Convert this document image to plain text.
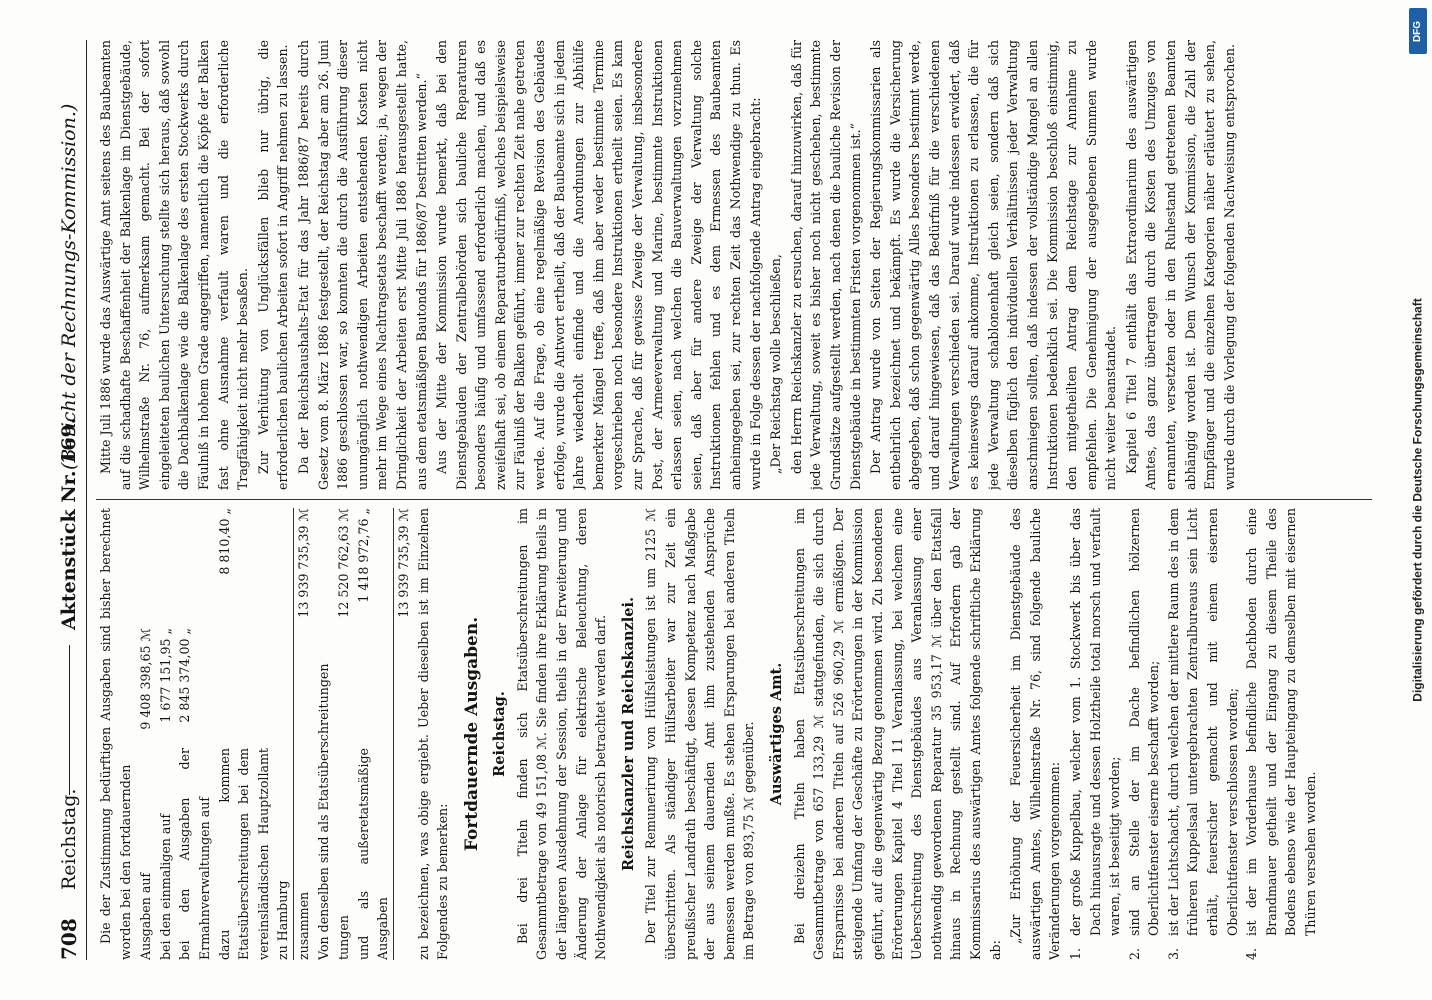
708
Reichstag.
Aktenstück Nr. 169.
(Bericht der Rechnungs-Kommission.)

Die der Zustimmung bedürftigen Ausgaben sind bisher berechnet worden bei den fortdauernden Ausgaben auf
9 408 398,65 ℳ
bei den einmaligen auf
1 677 151,95 „
bei den Ausgaben der Ermahnverwaltungen auf
2 845 374,00 „
dazu kommen Etatsüberschreitungen bei dem vereinsländischen Hauptzollamt zu Hamburg
8 810,40 „
zusammen
13 939 735,39 ℳ

Von denselben sind als Etatsüberschreitungen tungen
12 520 762,63 ℳ
und als außeretatsmäßige Ausgaben
1 418 972,76 „ 13 939 735,39 ℳ zu bezeichnen, was obige ergiebt. Ueber dieselben ist im Einzelnen Folgendes zu bemerken:

Fortdauernde Ausgaben. Reichstag. Bei drei Titeln finden sich Etatsüberschreitungen im Gesammtbetrage von 49 151,08 ℳ. Sie finden ihre Erklärung theils in der längeren Ausdehnung der Session, theils in der Erweiterung und Änderung der Anlage für elektrische Beleuchtung, deren Nothwendigkeit als notorisch betrachtet werden darf. Reichskanzler und Reichskanzlei. Der Titel zur Remunerirung von Hülfsleistungen ist um 2125 ℳ überschritten. Als ständiger Hülfsarbeiter war zur Zeit ein preußischer Landrath beschäftigt, dessen Kompetenz nach Maßgabe der aus seinem dauernden Amt ihm zustehenden Ansprüche bemessen werden mußte. Es stehen Ersparungen bei anderen Titeln im Betrage von 893,75 ℳ gegenüber. Auswärtiges Amt. Bei dreizehn Titeln haben Etatsüberschreitungen im Gesammtbetrage von 657 133,29 ℳ stattgefunden, die sich durch Ersparnisse bei anderen Titeln auf 526 960,29 ℳ ermäßigen. Der steigende Umfang der Geschäfte zu Erörterungen in der Kommission geführt, auf die gegenwärtig Bezug genommen wird. Zu besonderen Erörterungen Kapitel 4 Titel 11 Veranlassung, bei welchem eine Ueberschreitung des Dienstgebäudes aus Veranlassung einer nothwendig gewordenen Reparatur 35 953,17 ℳ über den Etatsfall hinaus in Rechnung gestellt sind. Auf Erfordern gab der Kommissarius des auswärtigen Amtes folgende schriftliche Erklärung ab:

„Zur Erhöhung der Feuersicherheit im Dienstgebäude des auswärtigen Amtes, Wilhelmstraße Nr. 76, sind folgende bauliche Veränderungen vorgenommen: 1.
der große Kuppelbau, welcher vom 1. Stockwerk bis über das Dach hinausragte und dessen Holztheile total morsch und verfault waren, ist beseitigt worden;
2.
sind an Stelle der im Dache befindlichen hölzernen Oberlichtfenster eiserne beschafft worden;
3.
ist der Lichtschacht, durch welchen der mittlere Raum des in dem früheren Kuppelsaal untergebrachten Zentralbureaus sein Licht erhält, feuersicher gemacht und mit einem eisernen Oberlichtfenster verschlossen worden;
4.
ist der im Vorderhause befindliche Dachboden durch eine Brandmauer getheilt und der Eingang zu diesem Theile des Bodens ebenso wie der Haupteingang zu demselben mit eisernen Thüren versehen worden.

Mitte Juli 1886 wurde das Auswärtige Amt seitens des Baubeamten auf die schadhafte Beschaffenheit der Balkenlage im Dienstgebäude, Wilhelmstraße Nr. 76, aufmerksam gemacht. Bei der sofort eingeleiteten baulichen Untersuchung stellte sich heraus, daß sowohl die Dachbalkenlage wie die Balkenlage des ersten Stockwerks durch Fäulniß in hohem Grade angegriffen, namentlich die Köpfe der Balken fast ohne Ausnahme verfault waren und die erforderliche Tragfähigkeit nicht mehr besaßen. Zur Verhütung von Unglücksfällen blieb nur übrig, die erforderlichen baulichen Arbeiten sofort in Angriff nehmen zu lassen. Da der Reichshaushalts-Etat für das Jahr 1886/87 bereits durch Gesetz vom 8. März 1886 festgestellt, der Reichstag aber am 26. Juni 1886 geschlossen war, so konnten die durch die Ausführung dieser unumgänglich nothwendigen Arbeiten entstehenden Kosten nicht mehr im Wege eines Nachtragsetats beschafft werden; ja, wegen der Dringlichkeit der Arbeiten erst Mitte Juli 1886 herausgestellt hatte, aus dem etatsmäßigen Bautonds für 1886/87 bestritten werden.“ Aus der Mitte der Kommission wurde bemerkt, daß bei den Dienstgebäuden der Zentralbehörden sich bauliche Reparaturen besonders häufig und umfassend erforderlich machen, und daß es zweifelhaft sei, ob einem Reparaturbedürfniß, welches beispielsweise zur Fäulniß der Balken geführt, immer zur rechten Zeit nahe getreten werde. Auf die Frage, ob eine regelmäßige Revision des Gebäudes erfolge, wurde die Antwort ertheilt, daß der Baubeamte sich in jedem Jahre wiederholt einfinde und die Anordnungen zur Abhülfe bemerkter Mängel treffe, daß ihm aber weder bestimmte Termine vorgeschrieben noch besondere Instruktionen ertheilt seien. Es kam zur Sprache, daß für gewisse Zweige der Verwaltung, insbesondere Post, der Armeeverwaltung und Marine, bestimmte Instruktionen erlassen seien, nach welchen die Bauverwaltungen vorzunehmen seien, daß aber für andere Zweige der Verwaltung solche Instruktionen fehlen und es dem Ermessen des Baubeamten anheimgegeben sei, zur rechten Zeit das Nothwendige zu thun. Es wurde in Folge dessen der nachfolgende Antrag eingebracht: „Der Reichstag wolle beschließen, den Herrn Reichskanzler zu ersuchen, darauf hinzuwirken, daß für jede Verwaltung, soweit es bisher noch nicht geschehen, bestimmte Grundsätze aufgestellt werden, nach denen die bauliche Revision der Dienstgebäude in bestimmten Fristen vorgenommen ist.“ Der Antrag wurde von Seiten der Regierungskommissarien als entbehrlich bezeichnet und bekämpft. Es wurde die Versicherung abgegeben, daß schon gegenwärtig Alles besonders bestimmt werde, und darauf hingewiesen, daß das Bedürfniß für die verschiedenen Verwaltungen verschieden sei. Darauf wurde indessen erwidert, daß es keineswegs darauf ankomme, Instruktionen zu erlassen, die für jede Verwaltung schablonenhaft gleich seien, sondern daß sich dieselben füglich den individuellen Verhältnissen jeder Verwaltung anschmiegen sollten, daß indessen der vollständige Mangel an allen Instruktionen bedenklich sei. Die Kommission beschloß einstimmig, den mitgetheilten Antrag dem Reichstage zur Annahme zu empfehlen. Die Genehmigung der ausgegebenen Summen wurde nicht weiter beanstandet. Kapitel 6 Titel 7 enthält das Extraordinarium des auswärtigen Amtes, das ganz übertragen durch die Kosten des Umzuges von ernannten, versetzten oder in den Ruhestand getretenen Beamten abhängig worden ist. Dem Wunsch der Kommission, die Zahl der Empfänger und die einzelnen Kategorien näher erläutert zu sehen, wurde durch die Vorlegung der folgenden Nachweisung entsprochen.

Digitalisierung gefördert durch die Deutsche Forschungsgemeinschaft
DFG
